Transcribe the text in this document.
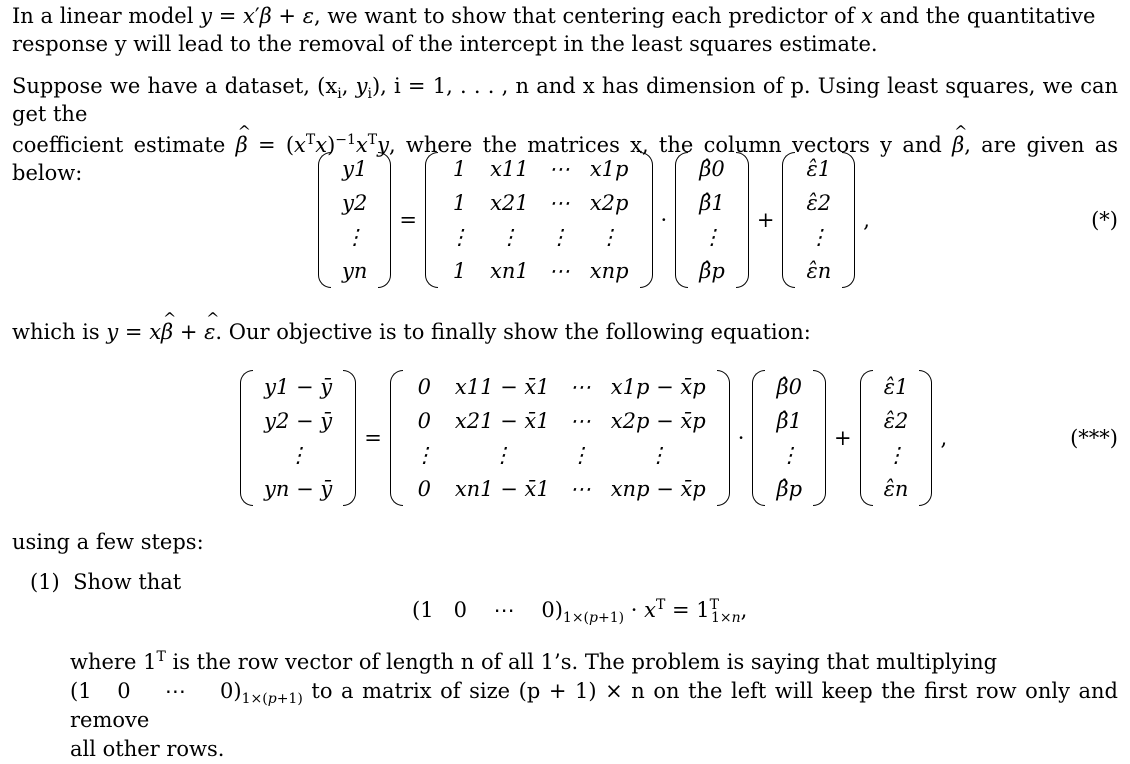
In a linear model y = x′β + ε, we want to show that centering each predictor of x and the quantitative
response y will lead to the removal of the intercept in the least squares estimate.
Suppose we have a dataset, ($x_i$, $y_i$), i = 1, . . . , n and x has dimension of p. Using least squares, we can get the
coefficient estimate ^ $\beta = (x^Tx)^{-1}x^Ty$, where the matrices x, the column vectors y and ^ β, are given as below:	y1
y2
⋮
yn
=
1	x11	⋯	x1p
1	x21	⋯	x2p
⋮	⋮	⋮	⋮
1	xn1	⋯	xnp
·
β̂0
β̂1
⋮
β̂p
+
ε̂1
ε̂2
⋮
ε̂n
,	(*)
which is y = x^ β + ^ ε. Our objective is to finally show the following equation:
y1 − ȳ
y2 − ȳ
⋮
yn − ȳ
=
0	x11 − x̄1	⋯	x1p − x̄p
0	x21 − x̄1	⋯	x2p − x̄p
⋮	⋮	⋮	⋮
0	xn1 − x̄1	⋯	xnp − x̄p
·
β̂0
β̂1
⋮
β̂p
+
ε̂1
ε̂2
⋮
ε̂n
,	(***)
using a few steps:
(1) Show that
(1   0    ⋯    $0)_{1\times(p+1)} \cdot x^T = 1^T_{1\times n}$,
where $1^T$ is the row vector of length n of all 1’s. The problem is saying that multiplying
(1   0    ⋯    $0)_{1\times(p+1)}$ to a matrix of size (p + 1) × n on the left will keep the first row only and remove
all other rows.
